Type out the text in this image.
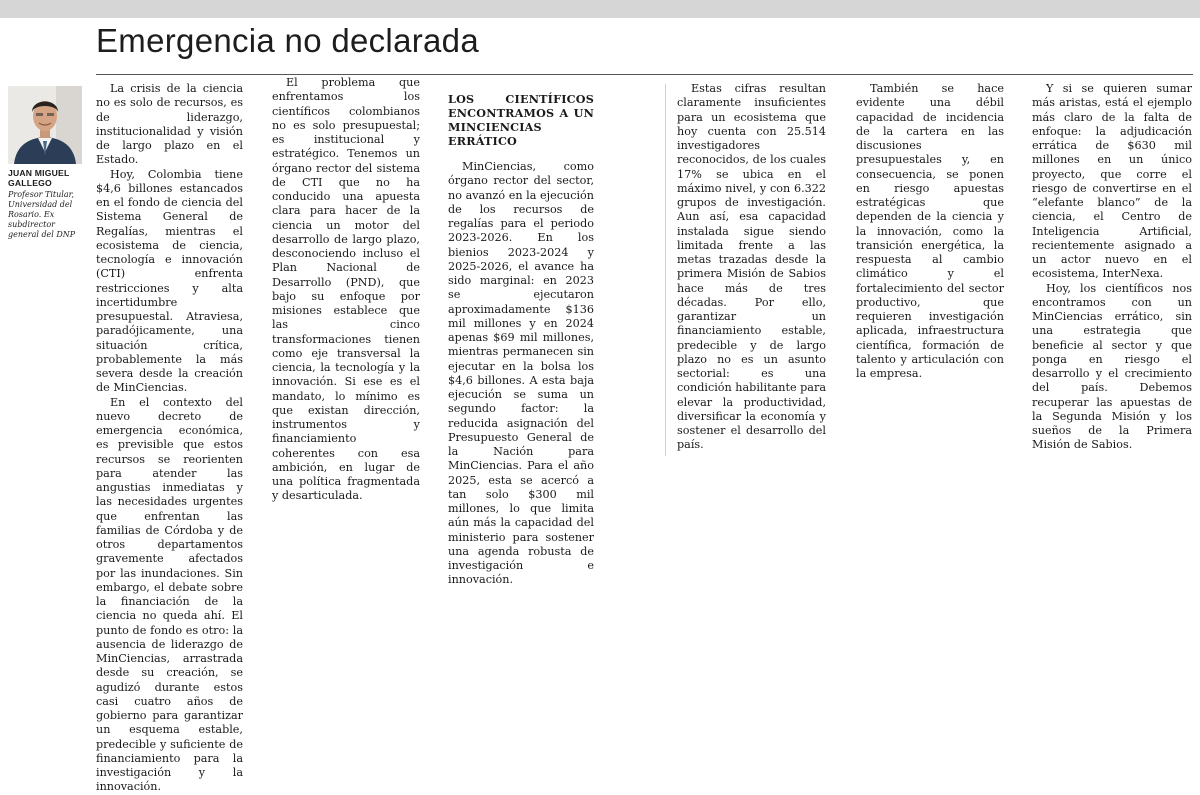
Emergencia no declarada
JUAN MIGUEL GALLEGO
Profesor Titular, Universidad del Rosario. Ex subdirector general del DNP

La crisis de la ciencia no es solo de recursos, es de liderazgo, institucionalidad y visión de largo plazo en el Estado.

Hoy, Colombia tiene $4,6 billones estancados en el fondo de ciencia del Sistema General de Regalías, mientras el ecosistema de ciencia, tecnología e innovación (CTI) enfrenta restricciones y alta incertidumbre presupuestal. Atraviesa, paradójicamente, una situación crítica, probablemente la más severa desde la creación de MinCiencias.

En el contexto del nuevo decreto de emergencia económica, es previsible que estos recursos se reorienten para atender las angustias inmediatas y las necesidades urgentes que enfrentan las familias de Córdoba y de otros departamentos gravemente afectados por las inundaciones. Sin embargo, el debate sobre la financiación de la ciencia no queda ahí. El punto de fondo es otro: la ausencia de liderazgo de MinCiencias, arrastrada desde su creación, se agudizó durante estos casi cuatro años de gobierno para garantizar un esquema estable, predecible y suficiente de financiamiento para la investigación y la innovación.

El problema que enfrentamos los científicos colombianos no es solo presupuestal; es institucional y estratégico. Tenemos un órgano rector del sistema de CTI que no ha conducido una apuesta clara para hacer de la ciencia un motor del desarrollo de largo plazo, desconociendo incluso el Plan Nacional de Desarrollo (PND), que bajo su enfoque por misiones establece que las cinco transformaciones tienen como eje transversal la ciencia, la tecnología y la innovación. Si ese es el mandato, lo mínimo es que existan dirección, instrumentos y financiamiento coherentes con esa ambición, en lugar de una política fragmentada y desarticulada.

LOS CIENTÍFICOS ENCONTRAMOS A UN MINCIENCIAS ERRÁTICO

MinCiencias, como órgano rector del sector, no avanzó en la ejecución de los recursos de regalías para el periodo 2023-2026. En los bienios 2023-2024 y 2025-2026, el avance ha sido marginal: en 2023 se ejecutaron aproximadamente $136 mil millones y en 2024 apenas $69 mil millones, mientras permanecen sin ejecutar en la bolsa los $4,6 billones. A esta baja ejecución se suma un segundo factor: la reducida asignación del Presupuesto General de la Nación para MinCiencias. Para el año 2025, esta se acercó a tan solo $300 mil millones, lo que limita aún más la capacidad del ministerio para sostener una agenda robusta de investigación e innovación.

Estas cifras resultan claramente insuficientes para un ecosistema que hoy cuenta con 25.514 investigadores reconocidos, de los cuales 17% se ubica en el máximo nivel, y con 6.322 grupos de investigación. Aun así, esa capacidad instalada sigue siendo limitada frente a las metas trazadas desde la primera Misión de Sabios hace más de tres décadas. Por ello, garantizar un financiamiento estable, predecible y de largo plazo no es un asunto sectorial: es una condición habilitante para elevar la productividad, diversificar la economía y sostener el desarrollo del país.

También se hace evidente una débil capacidad de incidencia de la cartera en las discusiones presupuestales y, en consecuencia, se ponen en riesgo apuestas estratégicas que dependen de la ciencia y la innovación, como la transición energética, la respuesta al cambio climático y el fortalecimiento del sector productivo, que requieren investigación aplicada, infraestructura científica, formación de talento y articulación con la empresa.

Y si se quieren sumar más aristas, está el ejemplo más claro de la falta de enfoque: la adjudicación errática de $630 mil millones en un único proyecto, que corre el riesgo de convertirse en el “elefante blanco” de la ciencia, el Centro de Inteligencia Artificial, recientemente asignado a un actor nuevo en el ecosistema, InterNexa.

Hoy, los científicos nos encontramos con un MinCiencias errático, sin una estrategia que beneficie al sector y que ponga en riesgo el desarrollo y el crecimiento del país. Debemos recuperar las apuestas de la Segunda Misión y los sueños de la Primera Misión de Sabios.
